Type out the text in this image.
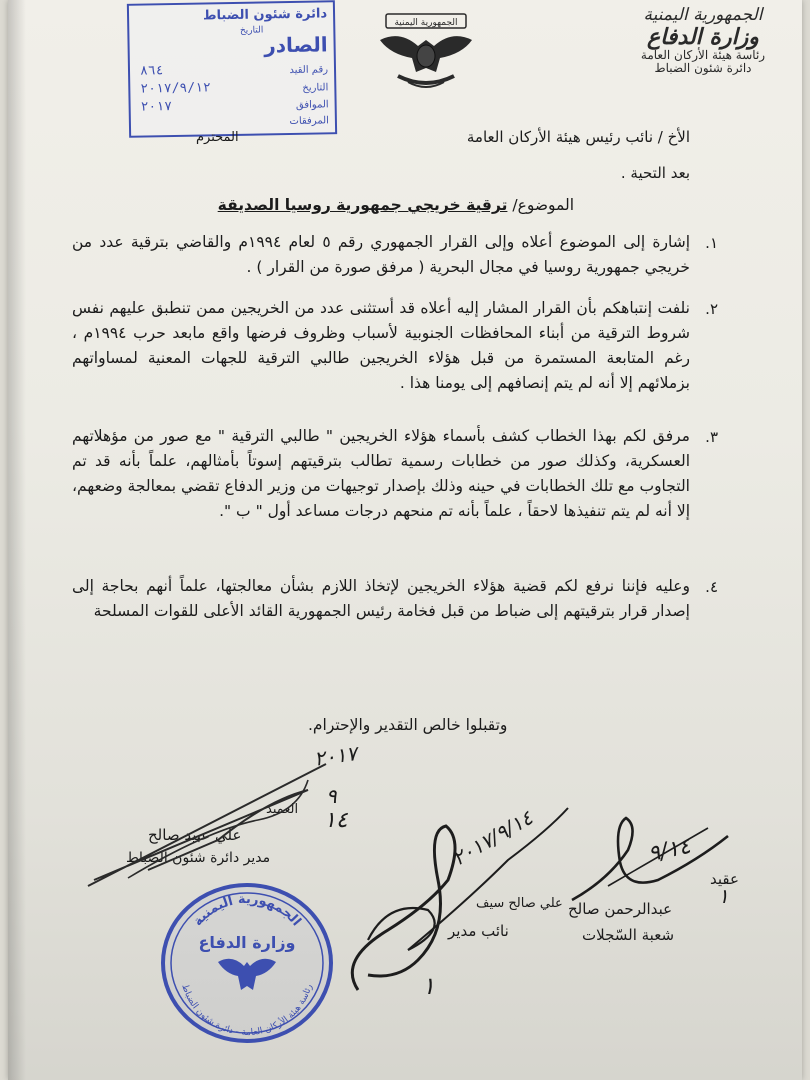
الجمهورية اليمنية
وزارة الدفاع
رئاسة هيئة الأركان العامة
دائرة شئون الضباط
الجمهورية اليمنية
دائرة شئون الضباط
التاريخ
الصادر
رقم القيد
٨٦٤
التاريخ
٢٠١٧/٩/١٢
الموافق
٢٠١٧
المرفقات
الأخ / نائب رئيس هيئة الأركان العامة
المحترم
بعد التحية .
الموضوع/ ترقية خريجي جمهورية روسيا الصديقة
١.
إشارة إلى الموضوع أعلاه وإلى القرار الجمهوري رقم ٥ لعام ١٩٩٤م والقاضي بترقية عدد من خريجي جمهورية روسيا في مجال البحرية ( مرفق صورة من القرار ) .
٢.
نلفت إنتباهكم بأن القرار المشار إليه أعلاه قد أستثنى عدد من الخريجين ممن تنطبق عليهم نفس شروط الترقية من أبناء المحافظات الجنوبية لأسباب وظروف فرضها واقع مابعد حرب ١٩٩٤م ، رغم المتابعة المستمرة من قبل هؤلاء الخريجين طالبي الترقية للجهات المعنية لمساواتهم بزملائهم إلا أنه لم يتم إنصافهم إلى يومنا هذا .
٣.
مرفق لكم بهذا الخطاب كشف بأسماء هؤلاء الخريجين " طالبي الترقية " مع صور من مؤهلاتهم العسكرية، وكذلك صور من خطابات رسمية تطالب بترقيتهم إسوتاً بأمثالهم، علماً بأنه قد تم التجاوب مع تلك الخطابات في حينه وذلك بإصدار توجيهات من وزير الدفاع تقضي بمعالجة وضعهم، إلا أنه لم يتم تنفيذها لاحقاً ، علماً بأنه تم منحهم درجات مساعد أول " ب ".
٤.
وعليه فإننا نرفع لكم قضية هؤلاء الخريجين لإتخاذ اللازم بشأن معالجتها، علماً أنهم بحاجة إلى إصدار قرار بترقيتهم إلى ضباط من قبل فخامة رئيس الجمهورية القائد الأعلى للقوات المسلحة
وتقبلوا خالص التقدير والإحترام.
٢٠١٧
٩
١٤
العميد
علي عبيد صالح
مدير دائرة شئون الضباط	٢٠١٧/٩/١٤
علي صالح سيف
نائب مدير
١
٩/١٤
عقيد
١
عبدالرحمن صالح
شعبة السّجلات
الجمهورية اليمنية
وزارة الدفاع
رئاسة هيئة الأركان العامة - دائرة شئون الضباط
